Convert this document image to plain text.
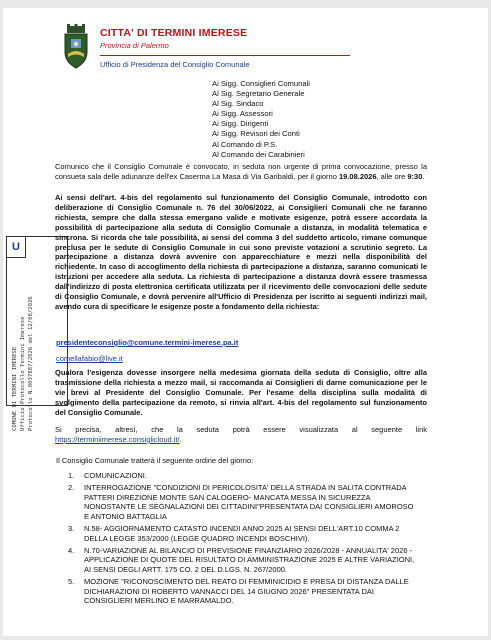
CITTA' DI TERMINI IMERESE
Provincia di Palermo
Ufficio di Presidenza del Consiglio Comunale
Ai Sigg. Consiglieri Comunali
Al Sig. Segretario Generale
Al Sig. Sindaco
Ai Sigg. Assessori
Ai Sigg. Dirigenti
Ai Sigg. Revisori dei Conti
Al Comando di P.S.
Al Comando dei Carabinieri
U
COMUNE DI TERMINI IMERESE Ufficio Protocollo Termini Imerese Protocollo N.0037887/2026 del 12/08/2026
Comunico che il Consiglio Comunale è convocato, in seduta non urgente di prima convocazione, presso la consueta sala delle adunanze dell'ex Caserma La Masa di Via Garibaldi, per il giorno 19.08.2026, alle ore 9:30.
Ai sensi dell'art. 4-bis del regolamento sul funzionamento del Consiglio Comunale, introdotto con deliberazione di Consiglio Comunale n. 76 del 30/06/2022, ai Consiglieri Comunali che ne faranno richiesta, sempre che dalla stessa emergano valide e motivate esigenze, potrà essere accordata la possibilità di partecipazione alla seduta di Consiglio Comunale a distanza, in modalità telematica e sincrona. Si ricorda che tale possibilità, ai sensi del comma 3 del suddetto articolo, rimane comunque preclusa per le sedute di Consiglio Comunale in cui sono previste votazioni a scrutinio segreto. La partecipazione a distanza dovrà avvenire con apparecchiature e mezzi nella disponibilità del richiedente. In caso di accoglimento della richiesta di partecipazione a distanza, saranno comunicati le istruzioni per accedere alla seduta. La richiesta di partecipazione a distanza dovrà essere trasmessa dall'indirizzo di posta elettronica certificata utilizzata per il ricevimento delle convocazioni delle sedute di Consiglio Comunale, e dovrà pervenire all'Ufficio di Presidenza per iscritto ai seguenti indirizzi mail, avendo cura di specificare le esigenze poste a fondamento della richiesta:
presidenteconsiglio@comune.termini-imerese.pa.it
comellafabio@live.it
Qualora l'esigenza dovesse insorgere nella medesima giornata della seduta di Consiglio, oltre alla trasmissione della richiesta a mezzo mail, si raccomanda ai Consiglieri di darne comunicazione per le vie brevi al Presidente del Consiglio Comunale. Per l'esame della disciplina sulla modalità di svolgimento della partecipazione da remoto, si rinvia all'art. 4-bis del regolamento sul funzionamento del Consiglio Comunale.
Si precisa, altresì, che la seduta potrà essere visualizzata al seguente link https://terminiimerese.consiglicloud.it/.
Il Consiglio Comunale tratterà il seguente ordine del giorno:
1. COMUNICAZIONI.
2. INTERROGAZIONE "CONDIZIONI DI PERICOLOSITA' DELLA STRADA IN SALITA CONTRADA PATTERI DIREZIONE MONTE SAN CALOGERO- MANCATA MESSA IN SICUREZZA NONOSTANTE LE SEGNALAZIONI DEI CITTADINI"PRESENTATA DAI CONSIGLIERI AMOROSO E ANTONIO BATTAGLIA
3. N.58- AGGIORNAMENTO CATASTO INCENDI ANNO 2025 AI SENSI DELL'ART.10 COMMA 2 DELLA LEGGE 353/2000 (LEGGE QUADRO INCENDI BOSCHIVI).
4. N.70-VARIAZIONE AL BILANCIO DI PREVISIONE FINANZIARIO 2026/2028 - ANNUALITA' 2026 - APPLICAZIONE DI QUOTE DEL RISULTATO DI AMMINISTRAZIONE 2025 E ALTRE VARIAZIONI, AI SENSI DEGLI ARTT. 175 CO. 2 DEL D.LGS. N. 267/2000.
5. MOZIONE "RICONOSCIMENTO DEL REATO DI FEMMINICIDIO E PRESA DI DISTANZA DALLE DICHIARAZIONI DI ROBERTO VANNACCI DEL 14 GIUGNO 2026" PRESENTATA DAI CONSIGLIERI MERLINO E MARRAMALDO.
